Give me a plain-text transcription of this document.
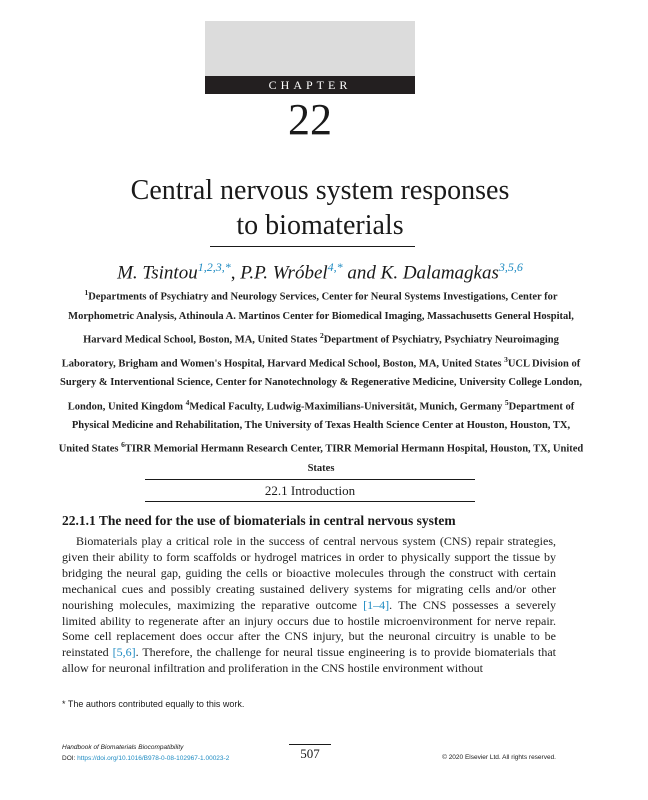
CHAPTER
22
Central nervous system responses
to biomaterials
M. Tsintou$^{1,2,3,*}$, P.P. Wróbel$^{4,*}$ and K. Dalamagkas$^{3,5,6}$
$^1$Departments of Psychiatry and Neurology Services, Center for Neural Systems Investigations, Center for Morphometric Analysis, Athinoula A. Martinos Center for Biomedical Imaging, Massachusetts General Hospital, Harvard Medical School, Boston, MA, United States $^2$Department of Psychiatry, Psychiatry Neuroimaging Laboratory, Brigham and Women's Hospital, Harvard Medical School, Boston, MA, United States $^3$UCL Division of Surgery & Interventional Science, Center for Nanotechnology & Regenerative Medicine, University College London, London, United Kingdom $^4$Medical Faculty, Ludwig-Maximilians-Universität, Munich, Germany $^5$Department of Physical Medicine and Rehabilitation, The University of Texas Health Science Center at Houston, Houston, TX, United States $^6$TIRR Memorial Hermann Research Center, TIRR Memorial Hermann Hospital, Houston, TX, United States
22.1 Introduction
22.1.1 The need for the use of biomaterials in central nervous system

Biomaterials play a critical role in the success of central nervous system (CNS) repair strategies, given their ability to form scaffolds or hydrogel matrices in order to physically support the tissue by bridging the neural gap, guiding the cells or bioactive molecules through the construct with certain mechanical cues and possibly creating sustained delivery systems for migrating cells and/or other nourishing molecules, maximizing the reparative outcome [1–4]. The CNS possesses a severely limited ability to regenerate after an injury occurs due to hostile microenvironment for nerve repair. Some cell replacement does occur after the CNS injury, but the neuronal circuitry is unable to be reinstated [5,6]. Therefore, the challenge for neural tissue engineering is to provide biomaterials that allow for neuronal infiltration and proliferation in the CNS hostile environment without

* The authors contributed equally to this work.
Handbook of Biomaterials Biocompatibility
DOI: https://doi.org/10.1016/B978-0-08-102967-1.00023-2	507	© 2020 Elsevier Ltd. All rights reserved.
